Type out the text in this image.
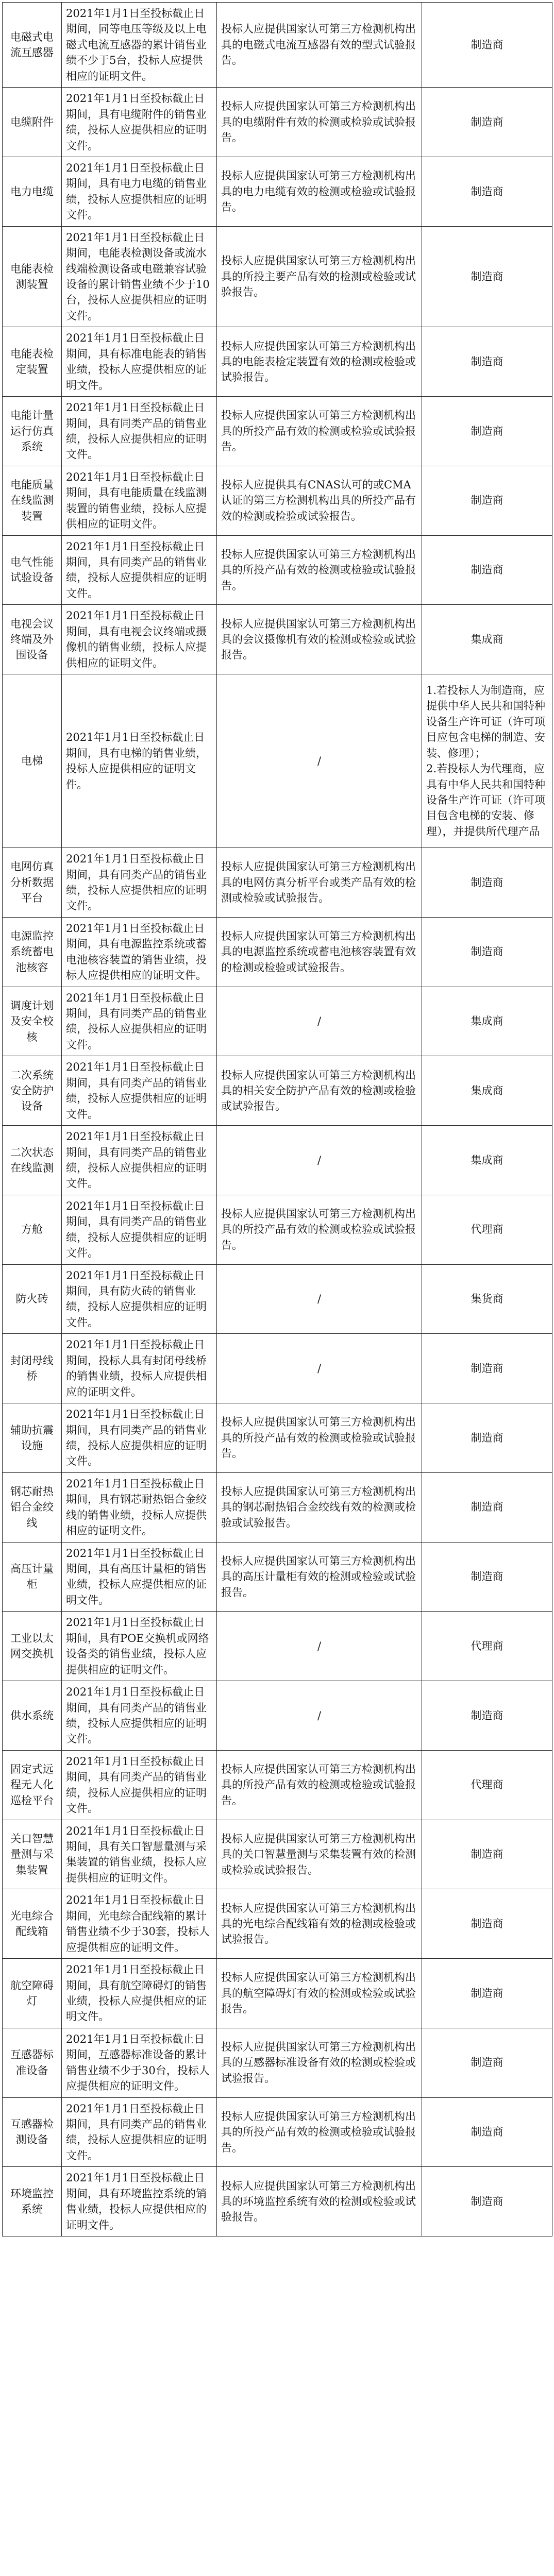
电磁式电流互感器	2021年1月1日至投标截止日期间，同等电压等级及以上电磁式电流互感器的累计销售业绩不少于5台，投标人应提供相应的证明文件。	投标人应提供国家认可第三方检测机构出具的电磁式电流互感器有效的型式试验报告。	制造商
电缆附件	2021年1月1日至投标截止日期间，具有电缆附件的销售业绩，投标人应提供相应的证明文件。	投标人应提供国家认可第三方检测机构出具的电缆附件有效的检测或检验或试验报告。	制造商
电力电缆	2021年1月1日至投标截止日期间，具有电力电缆的销售业绩，投标人应提供相应的证明文件。	投标人应提供国家认可第三方检测机构出具的电力电缆有效的检测或检验或试验报告。	制造商
电能表检测装置	2021年1月1日至投标截止日期间，电能表检测设备或流水线端检测设备或电磁兼容试验设备的累计销售业绩不少于10台，投标人应提供相应的证明文件。	投标人应提供国家认可第三方检测机构出具的所投主要产品有效的检测或检验或试验报告。	制造商
电能表检定装置	2021年1月1日至投标截止日期间，具有标准电能表的销售业绩，投标人应提供相应的证明文件。	投标人应提供国家认可第三方检测机构出具的电能表检定装置有效的检测或检验或试验报告。	制造商
电能计量运行仿真系统	2021年1月1日至投标截止日期间，具有同类产品的销售业绩，投标人应提供相应的证明文件。	投标人应提供国家认可第三方检测机构出具的所投产品有效的检测或检验或试验报告。	制造商
电能质量在线监测装置	2021年1月1日至投标截止日期间，具有电能质量在线监测装置的销售业绩，投标人应提供相应的证明文件。	投标人应提供具有CNAS认可的或CMA认证的第三方检测机构出具的所投产品有效的检测或检验或试验报告。	制造商
电气性能试验设备	2021年1月1日至投标截止日期间，具有同类产品的销售业绩，投标人应提供相应的证明文件。	投标人应提供国家认可第三方检测机构出具的所投产品有效的检测或检验或试验报告。	制造商
电视会议终端及外围设备	2021年1月1日至投标截止日期间，具有电视会议终端或摄像机的销售业绩，投标人应提供相应的证明文件。	投标人应提供国家认可第三方检测机构出具的会议摄像机有效的检测或检验或试验报告。	集成商
电梯	2021年1月1日至投标截止日期间，具有电梯的销售业绩，投标人应提供相应的证明文件。	/	1.若投标人为制造商，应提供中华人民共和国特种设备生产许可证（许可项目应包含电梯的制造、安装、修理）；
2.若投标人为代理商，应具有中华人民共和国特种设备生产许可证（许可项目包含电梯的安装、修理），并提供所代理产品
电网仿真分析数据平台	2021年1月1日至投标截止日期间，具有同类产品的销售业绩，投标人应提供相应的证明文件。	投标人应提供国家认可第三方检测机构出具的电网仿真分析平台或类产品有效的检测或检验或试验报告。	制造商
电源监控系统蓄电池核容	2021年1月1日至投标截止日期间，具有电源监控系统或蓄电池核容装置的销售业绩，投标人应提供相应的证明文件。	投标人应提供国家认可第三方检测机构出具的电源监控系统或蓄电池核容装置有效的检测或检验或试验报告。	制造商
调度计划及安全校核	2021年1月1日至投标截止日期间，具有同类产品的销售业绩，投标人应提供相应的证明文件。	/	集成商
二次系统安全防护设备	2021年1月1日至投标截止日期间，具有同类产品的销售业绩，投标人应提供相应的证明文件。	投标人应提供国家认可第三方检测机构出具的相关安全防护产品有效的检测或检验或试验报告。	集成商
二次状态在线监测	2021年1月1日至投标截止日期间，具有同类产品的销售业绩，投标人应提供相应的证明文件。	/	集成商
方舱	2021年1月1日至投标截止日期间，具有同类产品的销售业绩，投标人应提供相应的证明文件。	投标人应提供国家认可第三方检测机构出具的所投产品有效的检测或检验或试验报告。	代理商
防火砖	2021年1月1日至投标截止日期间，具有防火砖的销售业绩，投标人应提供相应的证明文件。	/	集货商
封闭母线桥	2021年1月1日至投标截止日期间，投标人具有封闭母线桥的销售业绩，投标人应提供相应的证明文件。	/	制造商
辅助抗震设施	2021年1月1日至投标截止日期间，具有同类产品的销售业绩，投标人应提供相应的证明文件。	投标人应提供国家认可第三方检测机构出具的所投产品有效的检测或检验或试验报告。	制造商
钢芯耐热铝合金绞线	2021年1月1日至投标截止日期间，具有钢芯耐热铝合金绞线的销售业绩，投标人应提供相应的证明文件。	投标人应提供国家认可第三方检测机构出具的钢芯耐热铝合金绞线有效的检测或检验或试验报告。	制造商
高压计量柜	2021年1月1日至投标截止日期间，具有高压计量柜的销售业绩，投标人应提供相应的证明文件。	投标人应提供国家认可第三方检测机构出具的高压计量柜有效的检测或检验或试验报告。	制造商
工业以太网交换机	2021年1月1日至投标截止日期间，具有POE交换机或网络设备类的销售业绩，投标人应提供相应的证明文件。	/	代理商
供水系统	2021年1月1日至投标截止日期间，具有同类产品的销售业绩，投标人应提供相应的证明文件。	/	制造商
固定式远程无人化巡检平台	2021年1月1日至投标截止日期间，具有同类产品的销售业绩，投标人应提供相应的证明文件。	投标人应提供国家认可第三方检测机构出具的所投产品有效的检测或检验或试验报告。	代理商
关口智慧量测与采集装置	2021年1月1日至投标截止日期间，具有关口智慧量测与采集装置的销售业绩，投标人应提供相应的证明文件。	投标人应提供国家认可第三方检测机构出具的关口智慧量测与采集装置有效的检测或检验或试验报告。	制造商
光电综合配线箱	2021年1月1日至投标截止日期间，光电综合配线箱的累计销售业绩不少于30套，投标人应提供相应的证明文件。	投标人应提供国家认可第三方检测机构出具的光电综合配线箱有效的检测或检验或试验报告。	制造商
航空障碍灯	2021年1月1日至投标截止日期间，具有航空障碍灯的销售业绩，投标人应提供相应的证明文件。	投标人应提供国家认可第三方检测机构出具的航空障碍灯有效的检测或检验或试验报告。	制造商
互感器标准设备	2021年1月1日至投标截止日期间，互感器标准设备的累计销售业绩不少于30台，投标人应提供相应的证明文件。	投标人应提供国家认可第三方检测机构出具的互感器标准设备有效的检测或检验或试验报告。	制造商
互感器检测设备	2021年1月1日至投标截止日期间，具有同类产品的销售业绩，投标人应提供相应的证明文件。	投标人应提供国家认可第三方检测机构出具的所投产品有效的检测或检验或试验报告。	制造商
环境监控系统	2021年1月1日至投标截止日期间，具有环境监控系统的销售业绩，投标人应提供相应的证明文件。	投标人应提供国家认可第三方检测机构出具的环境监控系统有效的检测或检验或试验报告。	制造商
